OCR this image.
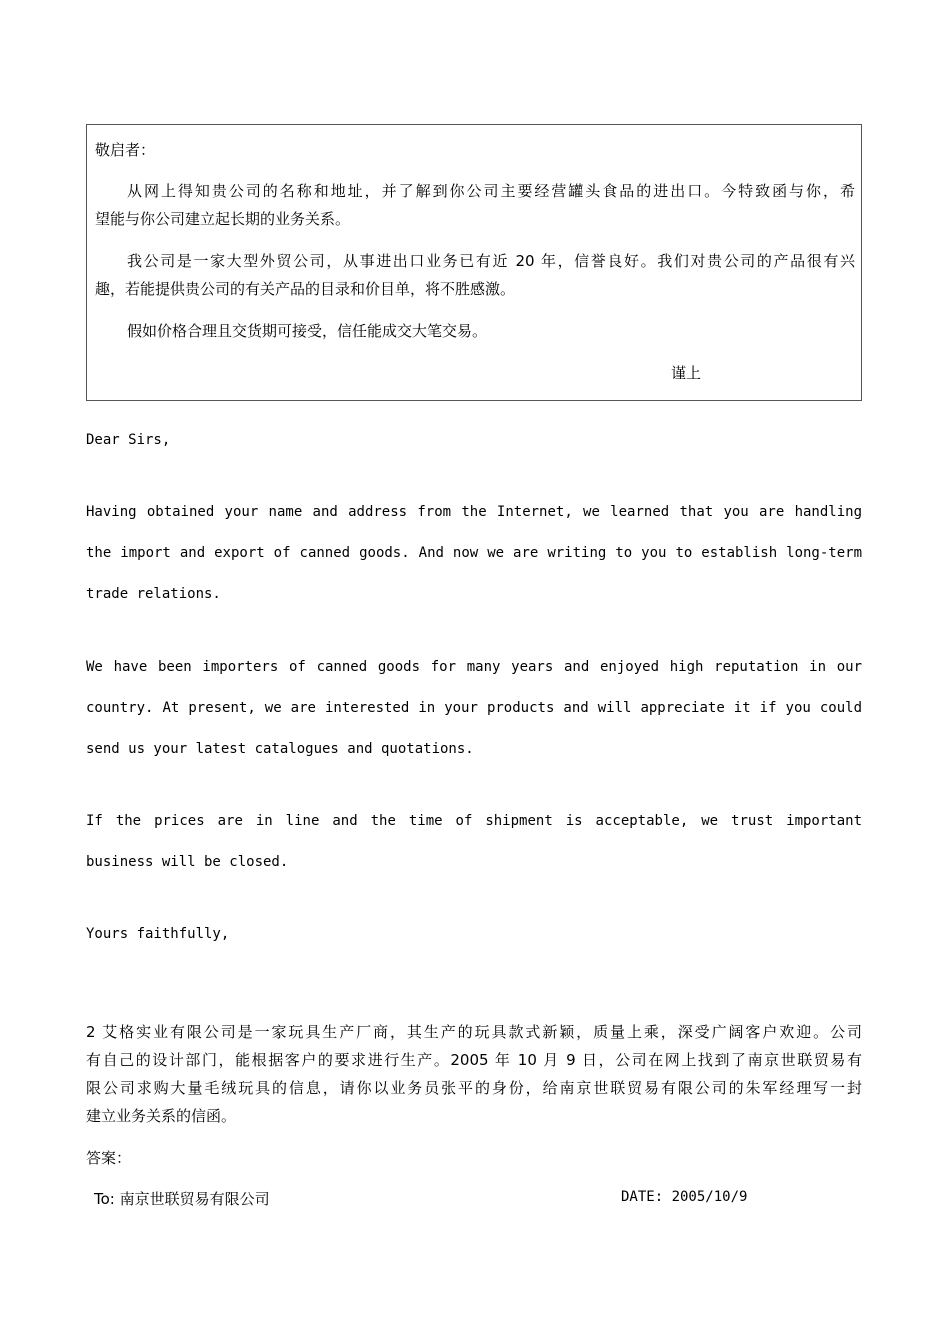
敬启者：
从网上得知贵公司的名称和地址，并了解到你公司主要经营罐头食品的进出口。今特致函与你，希
望能与你公司建立起长期的业务关系。
我公司是一家大型外贸公司，从事进出口业务已有近 20 年，信誉良好。我们对贵公司的产品很有兴
趣，若能提供贵公司的有关产品的目录和价目单，将不胜感激。
假如价格合理且交货期可接受，信任能成交大笔交易。
谨上
Dear Sirs,
Having obtained your name and address from the Internet, we learned that you are handling
the import and export of canned goods. And now we are writing to you to establish long-term
trade relations.
We have been importers of canned goods for many years and enjoyed high reputation in our
country. At present, we are interested in your products and will appreciate it if you could
send us your latest catalogues and quotations.
If the prices are in line and the time of shipment is acceptable, we trust important
business will be closed.
Yours faithfully,
2 艾格实业有限公司是一家玩具生产厂商，其生产的玩具款式新颖，质量上乘，深受广阔客户欢迎。公司
有自己的设计部门，能根据客户的要求进行生产。2005 年 10 月 9 日，公司在网上找到了南京世联贸易有
限公司求购大量毛绒玩具的信息，请你以业务员张平的身份，给南京世联贸易有限公司的朱军经理写一封
建立业务关系的信函。
答案：
To: 南京世联贸易有限公司	DATE: 2005/10/9
